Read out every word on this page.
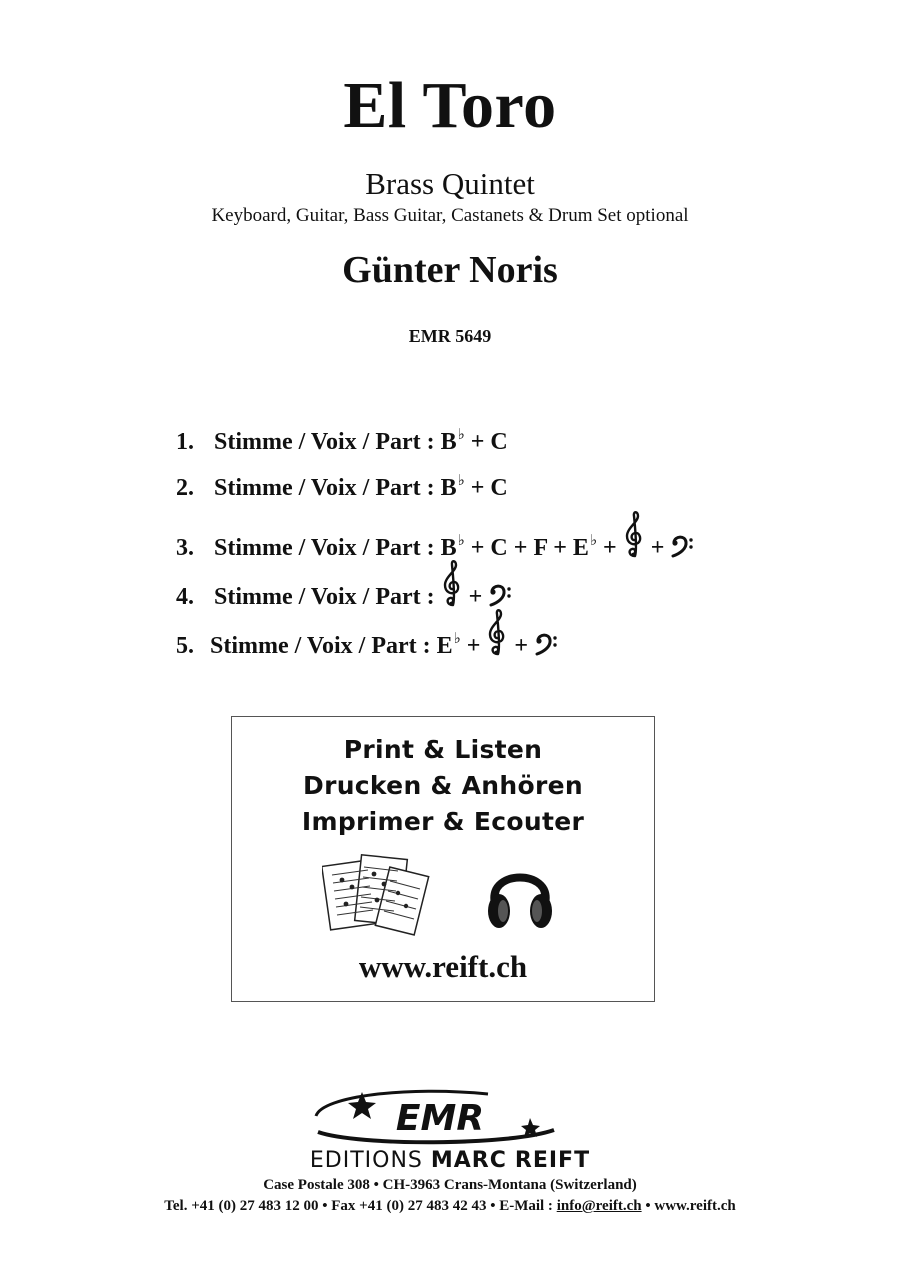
El Toro
Brass Quintet
Keyboard, Guitar, Bass Guitar, Castanets & Drum Set optional
Günter Noris
EMR 5649
1. Stimme / Voix / Part : B♭ + C
2. Stimme / Voix / Part : B♭ + C
3. Stimme / Voix / Part : B♭ + C + F + E♭ + +
4. Stimme / Voix / Part : +
5. Stimme / Voix / Part : E♭ + +
Print & Listen
Drucken & Anhören
Imprimer & Ecouter
www.reift.ch
EMR
EDITIONS MARC REIFT
Case Postale 308 • CH-3963 Crans-Montana (Switzerland)
Tel. +41 (0) 27 483 12 00 • Fax +41 (0) 27 483 42 43 • E-Mail : info@reift.ch • www.reift.ch
